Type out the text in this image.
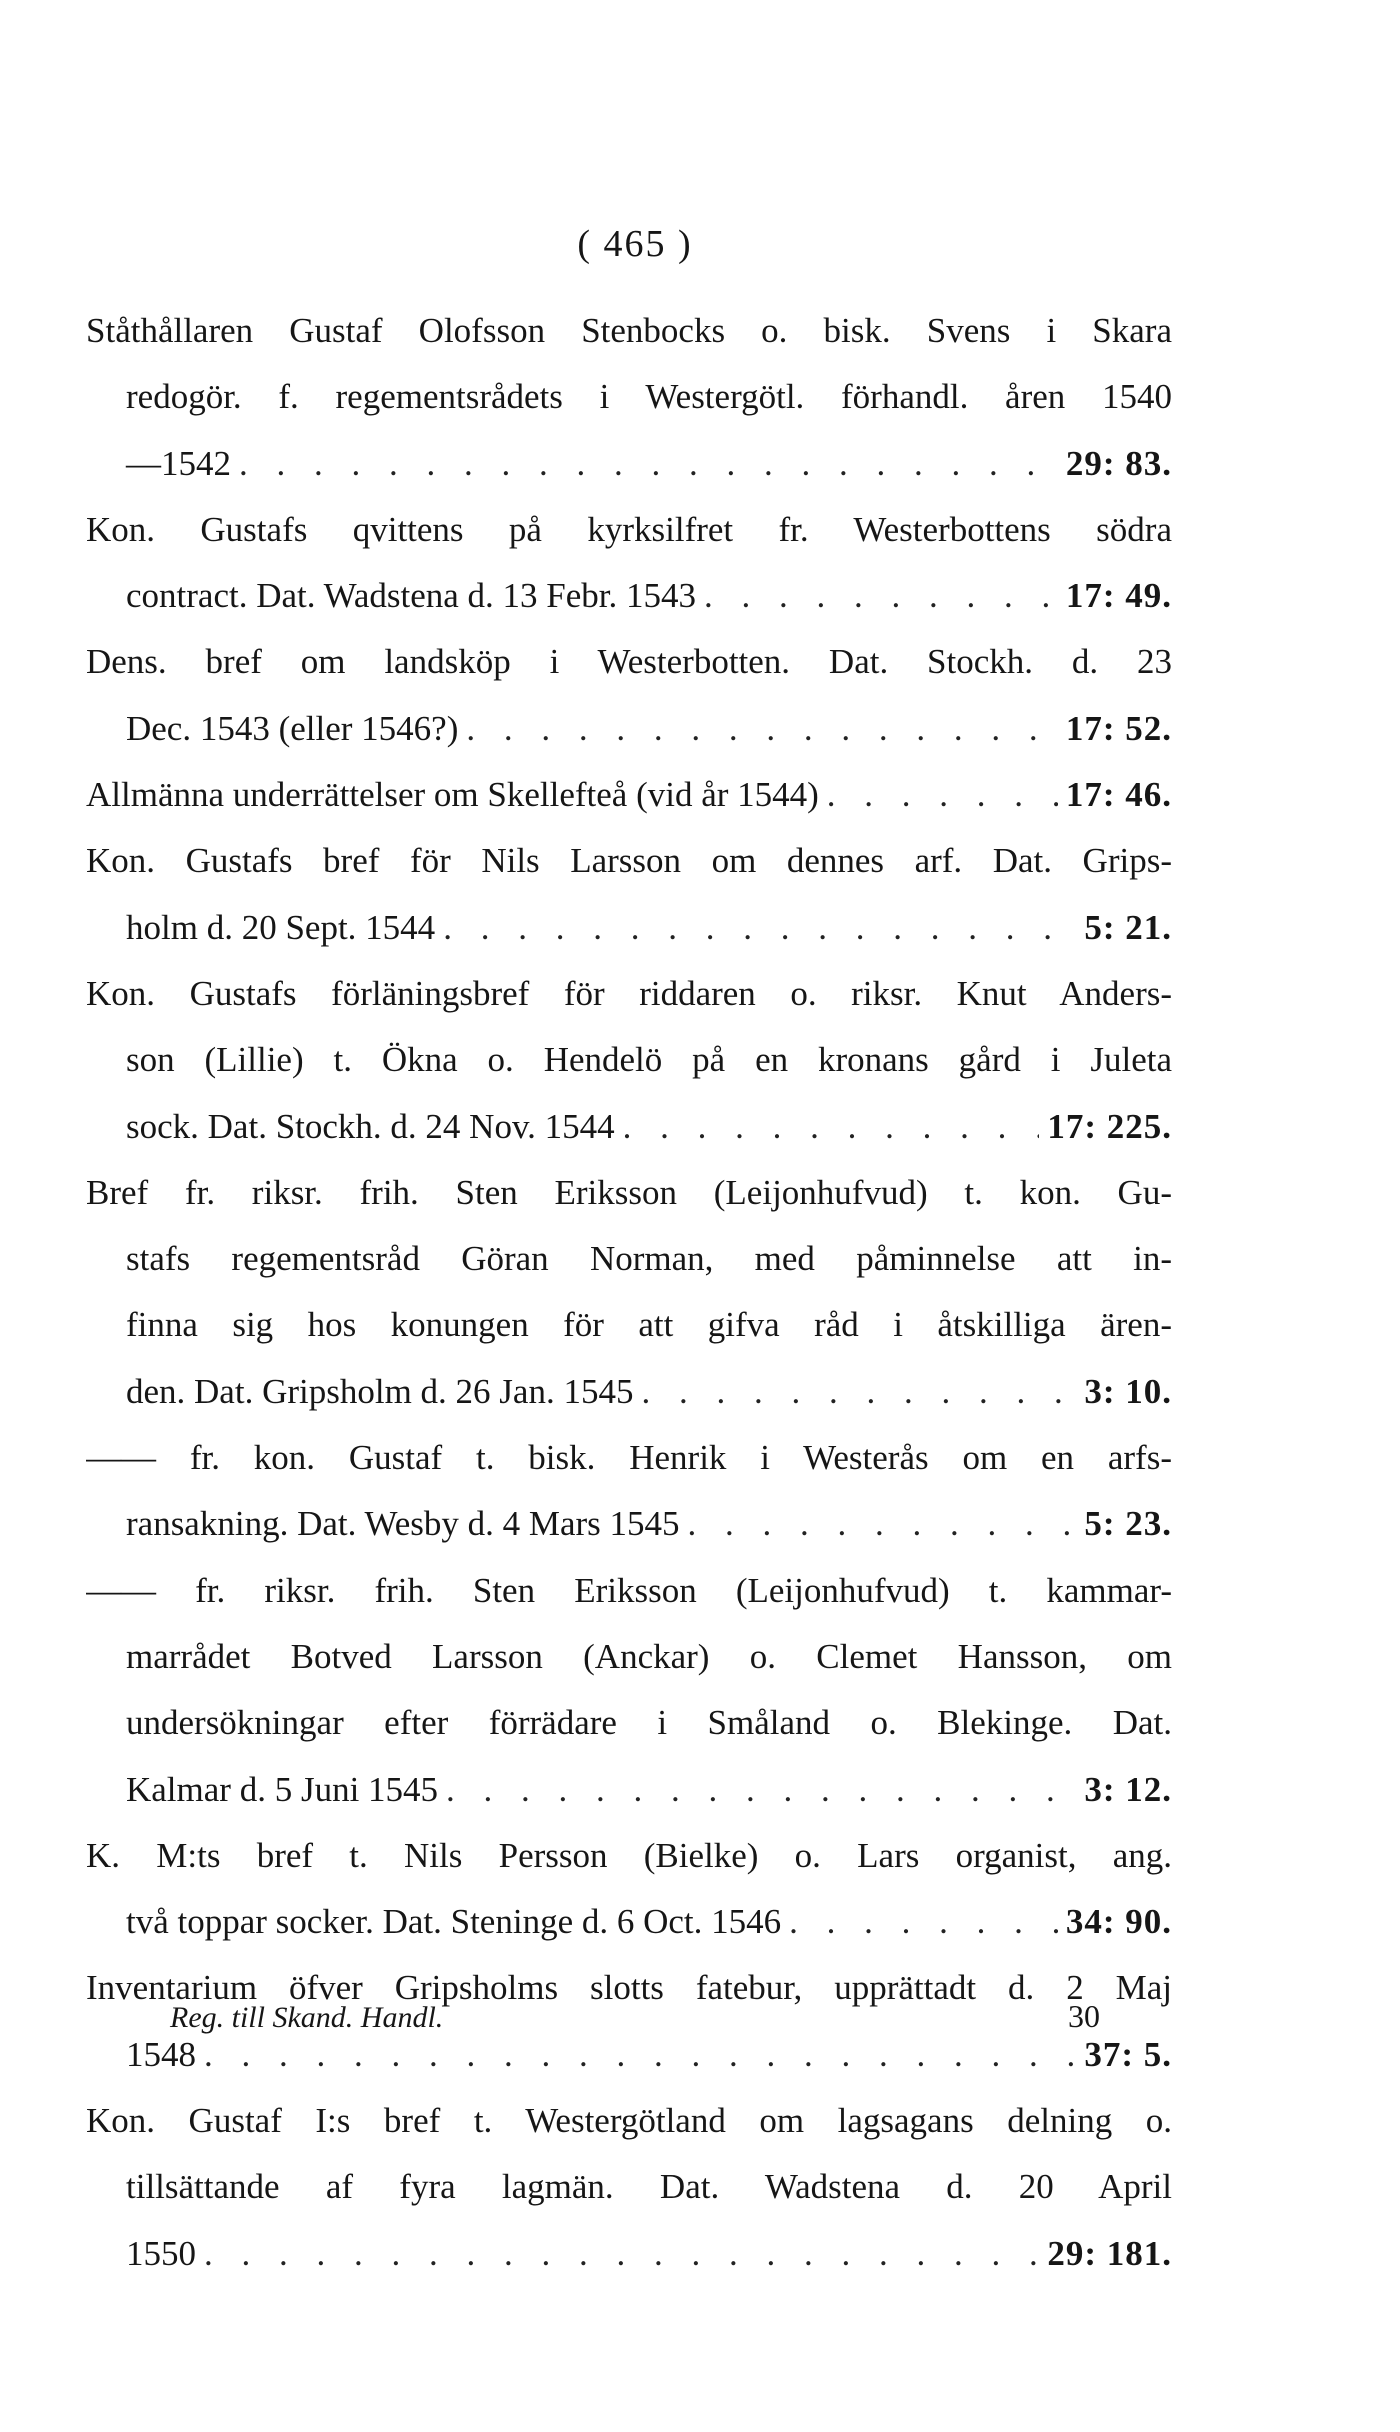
( 465 )
Ståthållaren Gustaf Olofsson Stenbocks o. bisk. Svens i Skara
redogör. f. regementsrådets i Westergötl. förhandl. åren 1540
—1542 . . .	29: 83.
Kon. Gustafs qvittens på kyrksilfret fr. Westerbottens södra
contract. Dat. Wadstena d. 13 Febr. 1543 . . .	17: 49.
Dens. bref om landsköp i Westerbotten. Dat. Stockh. d. 23
Dec. 1543 (eller 1546?) . . .	17: 52.
Allmänna underrättelser om Skellefteå (vid år 1544) . . .	17: 46.
Kon. Gustafs bref för Nils Larsson om dennes arf. Dat. Grips-
holm d. 20 Sept. 1544 . . .	5: 21.
Kon. Gustafs förläningsbref för riddaren o. riksr. Knut Anders-
son (Lillie) t. Ökna o. Hendelö på en kronans gård i Juleta
sock. Dat. Stockh. d. 24 Nov. 1544 . . .	17: 225.
Bref fr. riksr. frih. Sten Eriksson (Leijonhufvud) t. kon. Gu-
stafs regementsråd Göran Norman, med påminnelse att in-
finna sig hos konungen för att gifva råd i åtskilliga ären-
den. Dat. Gripsholm d. 26 Jan. 1545 . . .	3: 10.
—— fr. kon. Gustaf t. bisk. Henrik i Westerås om en arfs-
ransakning. Dat. Wesby d. 4 Mars 1545 . . .	5: 23.
—— fr. riksr. frih. Sten Eriksson (Leijonhufvud) t. kammar-
marrådet Botved Larsson (Anckar) o. Clemet Hansson, om
undersökningar efter förrädare i Småland o. Blekinge. Dat.
Kalmar d. 5 Juni 1545 . . .	3: 12.
K. M:ts bref t. Nils Persson (Bielke) o. Lars organist, ang.
två toppar socker. Dat. Steninge d. 6 Oct. 1546 . . .	34: 90.
Inventarium öfver Gripsholms slotts fatebur, upprättadt d. 2 Maj
1548 . . .	37: 5.
Kon. Gustaf I:s bref t. Westergötland om lagsagans delning o.
tillsättande af fyra lagmän. Dat. Wadstena d. 20 April
1550 . . .	29: 181.
Reg. till Skand. Handl.	30
